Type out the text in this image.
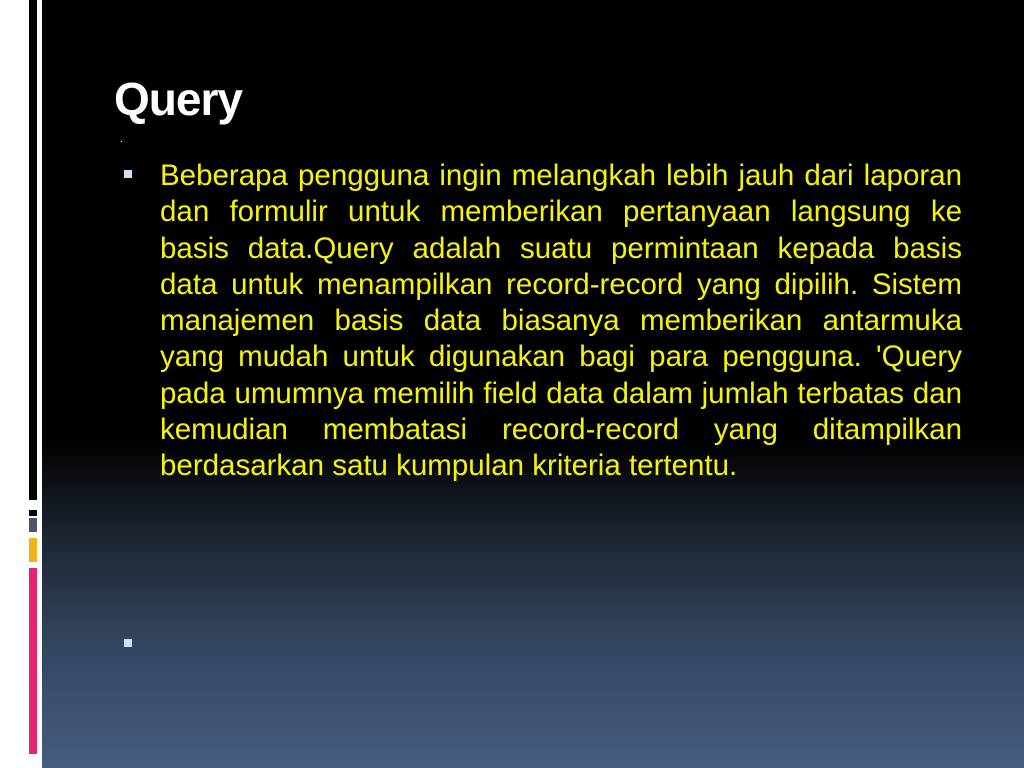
Query
.

Beberapa pengguna ingin melangkah lebih jauh dari laporan dan formulir untuk memberikan pertanyaan langsung ke basis data.Query adalah suatu permintaan kepada basis data untuk menampilkan record-record yang dipilih. Sistem manajemen basis data biasanya memberikan antarmuka yang mudah untuk digunakan bagi para pengguna. 'Query pada umumnya memilih field data dalam jumlah terbatas dan kemudian membatasi record-record yang ditampilkan berdasarkan satu kumpulan kriteria tertentu.
